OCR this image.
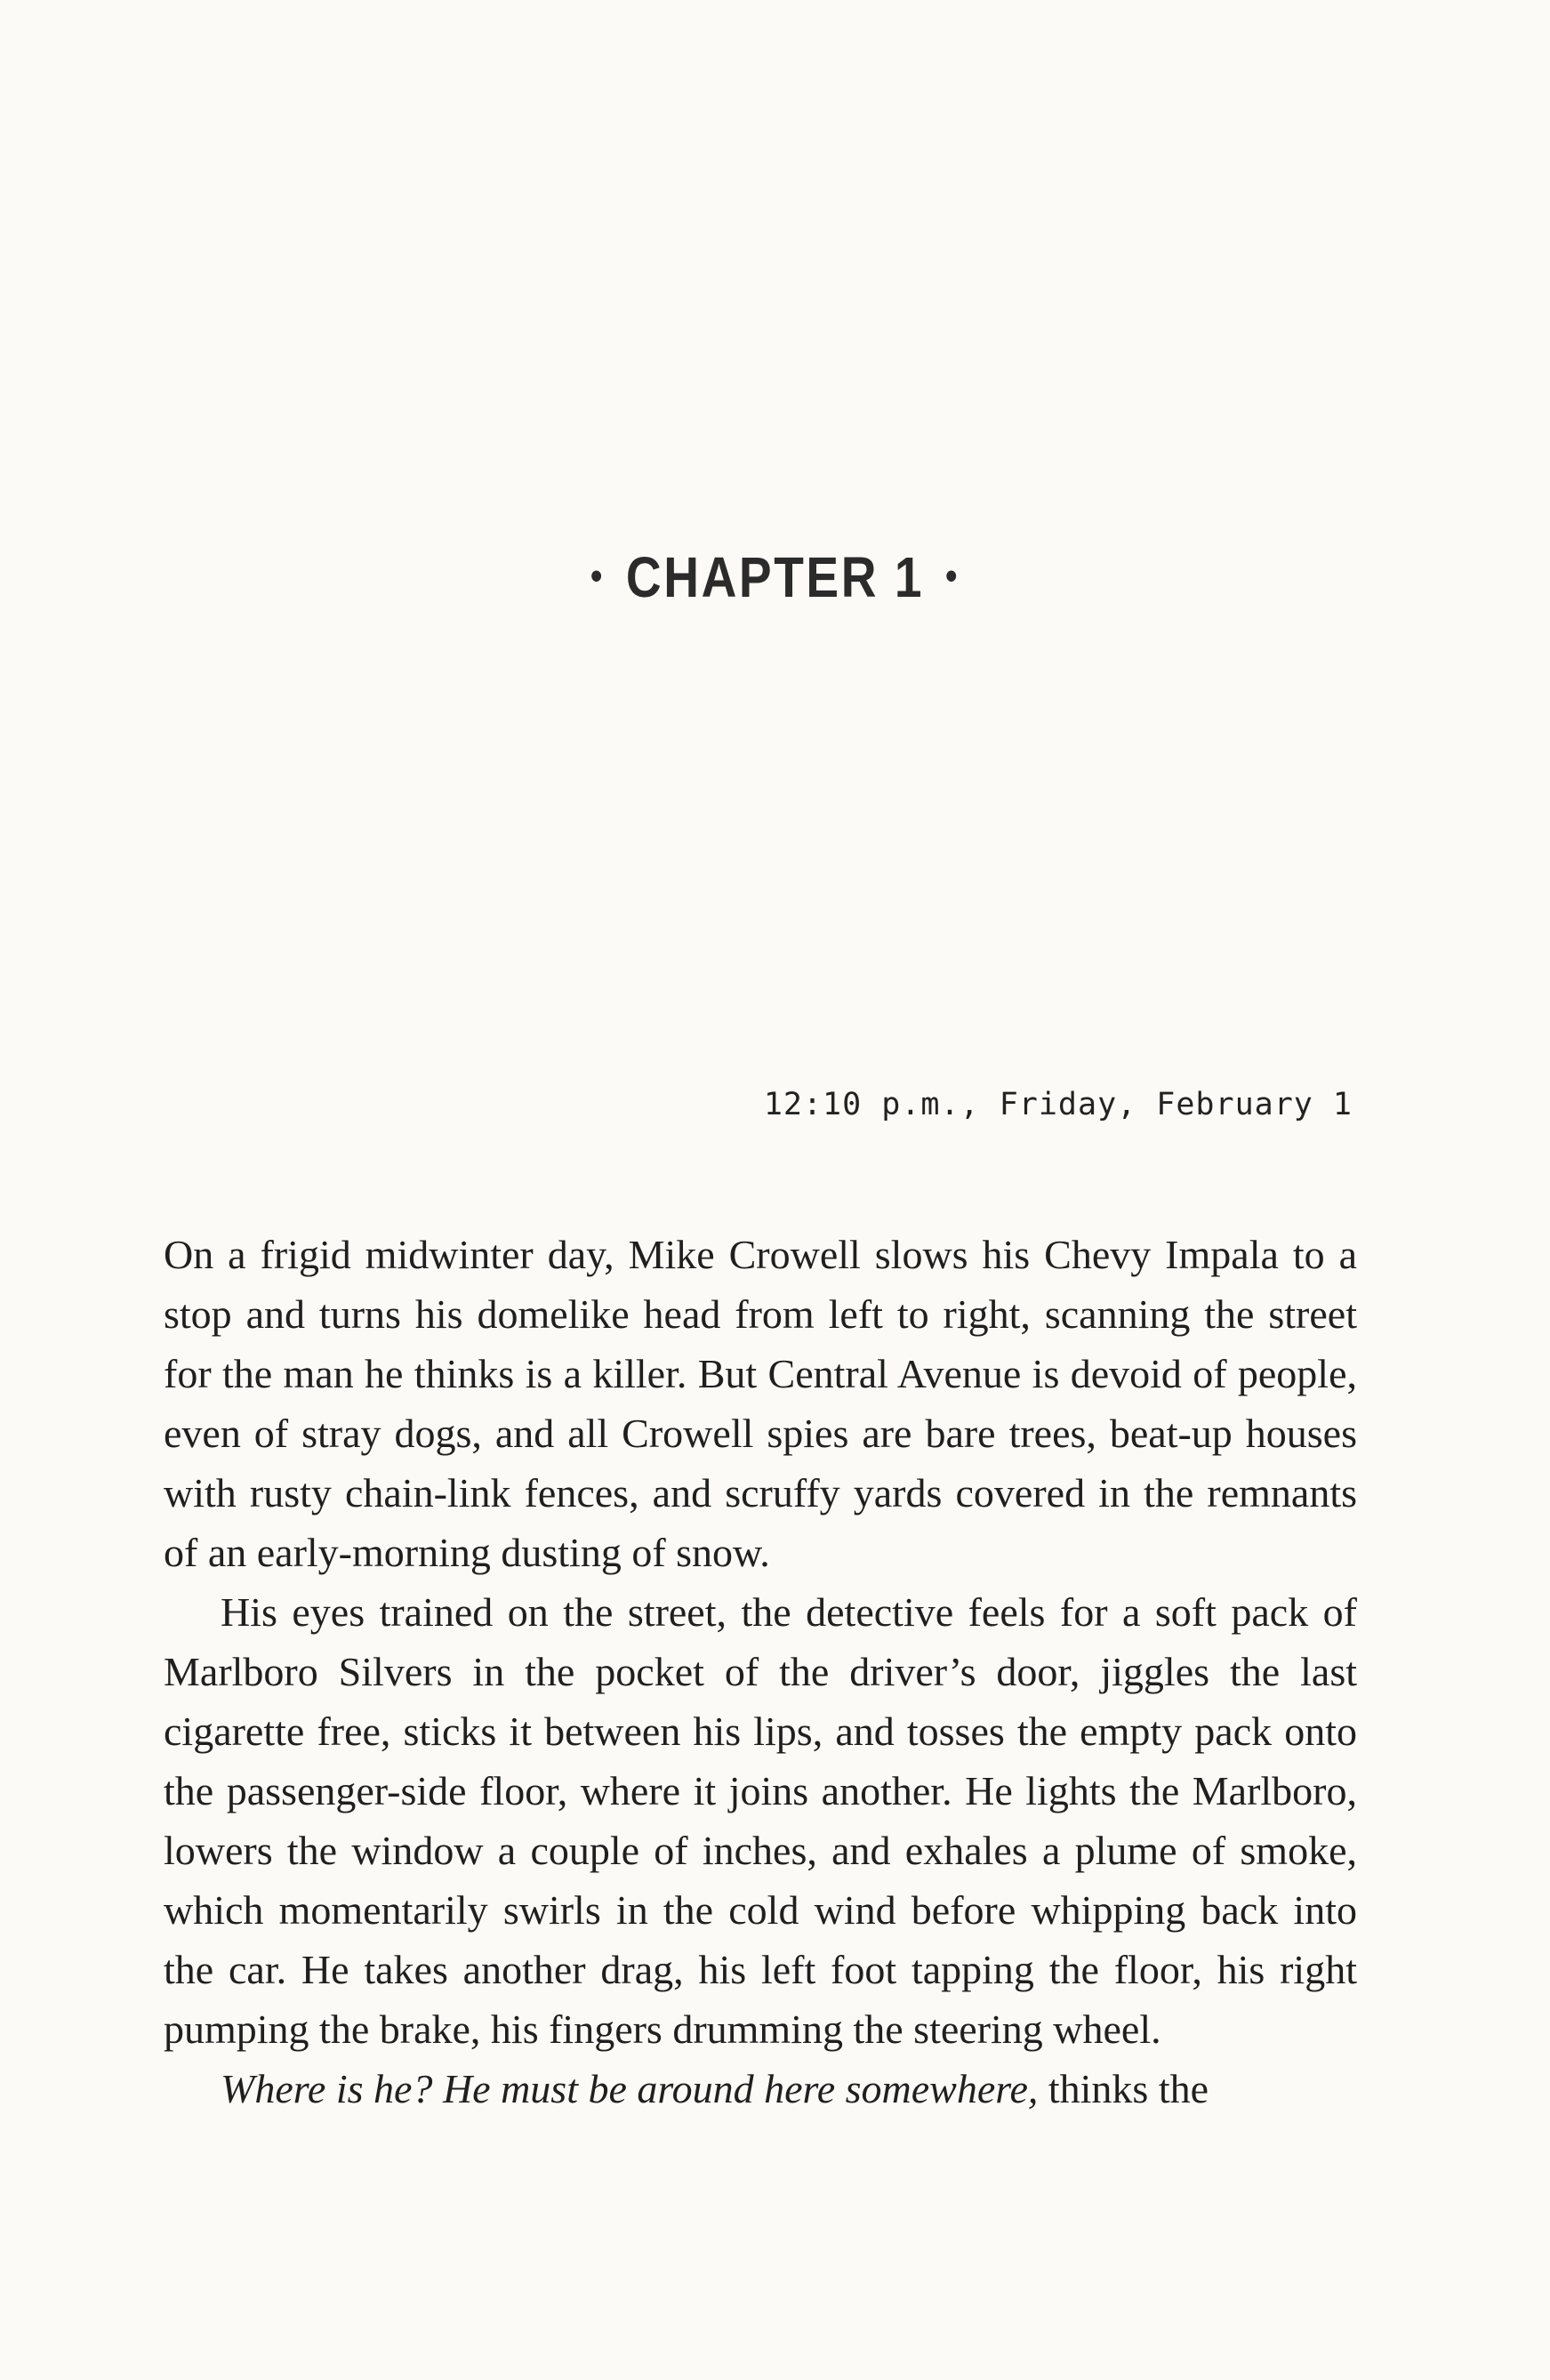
• CHAPTER 1 •
12:10 p.m., Friday, February 1

On a frigid midwinter day, Mike Crowell slows his Chevy Impala to a stop and turns his domelike head from left to right, scanning the street for the man he thinks is a killer. But Central Avenue is devoid of people, even of stray dogs, and all Crowell spies are bare trees, beat-up houses with rusty chain-link fences, and scruffy yards covered in the remnants of an early-morning dusting of snow.

His eyes trained on the street, the detective feels for a soft pack of Marlboro Silvers in the pocket of the driver’s door, jiggles the last cigarette free, sticks it between his lips, and tosses the empty pack onto the passenger-side floor, where it joins another. He lights the Marlboro, lowers the window a couple of inches, and exhales a plume of smoke, which momentarily swirls in the cold wind before whipping back into the car. He takes another drag, his left foot tapping the floor, his right pumping the brake, his fingers drumming the steering wheel.

Where is he? He must be around here somewhere, thinks the
